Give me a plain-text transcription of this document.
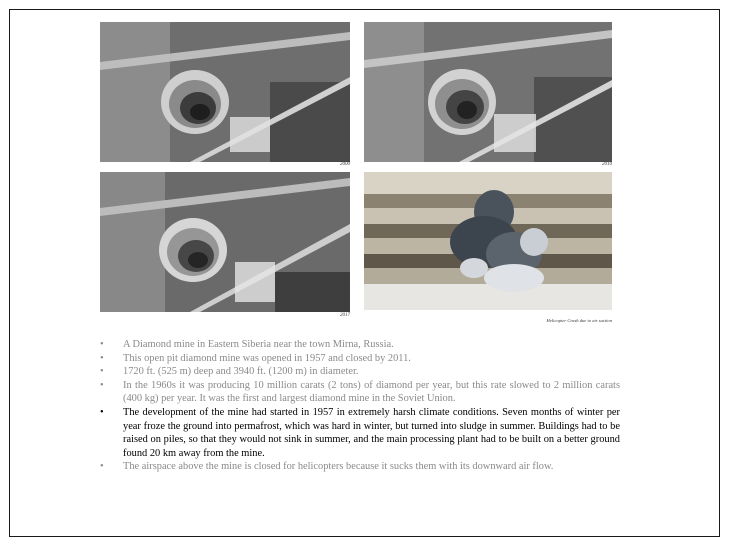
2000	2010
2017
Helicopter Crash due to air suction
• A Diamond mine in Eastern Siberia near the town Mirna, Russia.
• This open pit diamond mine was opened in 1957 and closed by 2011.
• 1720 ft. (525 m) deep and 3940 ft. (1200 m) in diameter.
• In the 1960s it was producing 10 million carats (2 tons) of diamond per year, but this rate slowed to 2 million carats (400 kg) per year. It was the first and largest diamond mine in the Soviet Union.
• The development of the mine had started in 1957 in extremely harsh climate conditions. Seven months of winter per year froze the ground into permafrost, which was hard in winter, but turned into sludge in summer. Buildings had to be raised on piles, so that they would not sink in summer, and the main processing plant had to be built on a better ground found 20 km away from the mine.
• The airspace above the mine is closed for helicopters because it sucks them with its downward air flow.
